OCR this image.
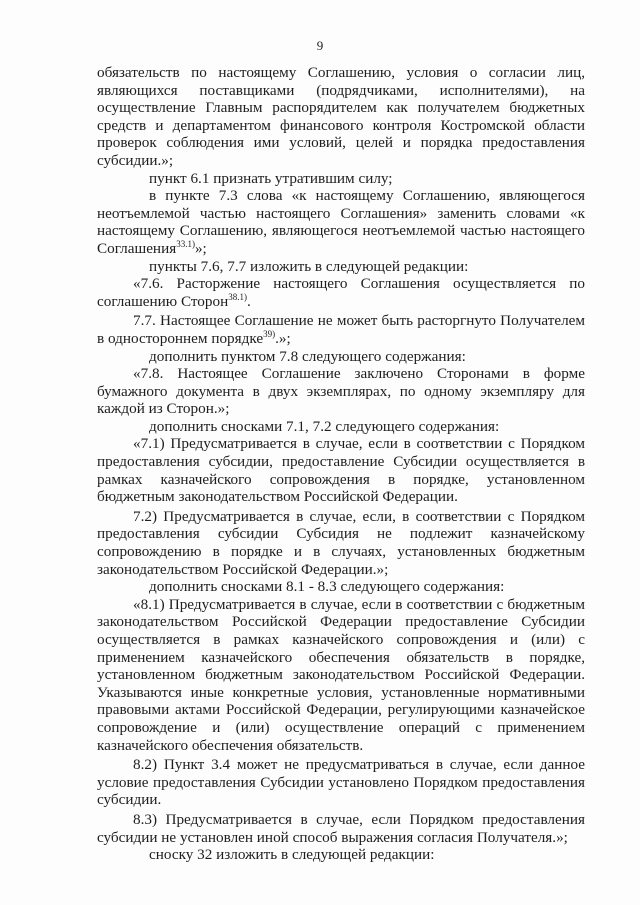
9
обязательств по настоящему Соглашению, условия о согласии лиц,
являющихся поставщиками (подрядчиками, исполнителями), на
осуществление Главным распорядителем как получателем бюджетных
средств и департаментом финансового контроля Костромской области
проверок соблюдения ими условий, целей и порядка предоставления
субсидии.»;
пункт 6.1 признать утратившим силу;
в пункте 7.3 слова «к настоящему Соглашению, являющегося
неотъемлемой частью настоящего Соглашения» заменить словами «к
настоящему Соглашению, являющегося неотъемлемой частью настоящего
Соглашения$^{33.1)}$»;
пункты 7.6, 7.7 изложить в следующей редакции:
«7.6. Расторжение настоящего Соглашения осуществляется по
соглашению Сторон$^{38.1)}$.
7.7. Настоящее Соглашение не может быть расторгнуто Получателем
в одностороннем порядке$^{39)}$.»;
дополнить пунктом 7.8 следующего содержания:
«7.8. Настоящее Соглашение заключено Сторонами в форме
бумажного документа в двух экземплярах, по одному экземпляру для
каждой из Сторон.»;
дополнить сносками 7.1, 7.2 следующего содержания:
«7.1) Предусматривается в случае, если в соответствии с Порядком
предоставления субсидии, предоставление Субсидии осуществляется в
рамках казначейского сопровождения в порядке, установленном
бюджетным законодательством Российской Федерации.
7.2) Предусматривается в случае, если, в соответствии с Порядком
предоставления субсидии Субсидия не подлежит казначейскому
сопровождению в порядке и в случаях, установленных бюджетным
законодательством Российской Федерации.»;
дополнить сносками 8.1 - 8.3 следующего содержания:
«8.1) Предусматривается в случае, если в соответствии с бюджетным
законодательством Российской Федерации предоставление Субсидии
осуществляется в рамках казначейского сопровождения и (или) с
применением казначейского обеспечения обязательств в порядке,
установленном бюджетным законодательством Российской Федерации.
Указываются иные конкретные условия, установленные нормативными
правовыми актами Российской Федерации, регулирующими казначейское
сопровождение и (или) осуществление операций с применением
казначейского обеспечения обязательств.
8.2) Пункт 3.4 может не предусматриваться в случае, если данное
условие предоставления Субсидии установлено Порядком предоставления
субсидии.
8.3) Предусматривается в случае, если Порядком предоставления
субсидии не установлен иной способ выражения согласия Получателя.»;
сноску 32 изложить в следующей редакции:
